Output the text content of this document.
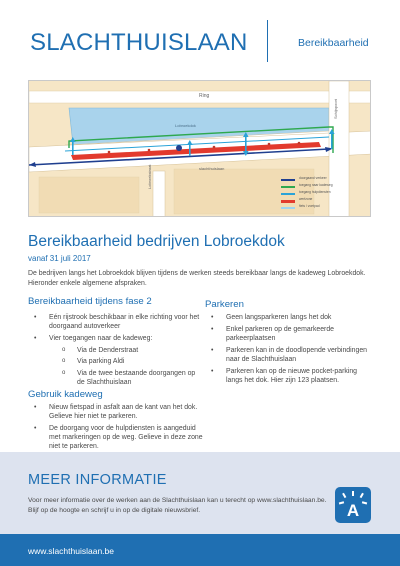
SLACHTHUISLAAN	Bereikbaarheid
Ring
Lobroekdok
slachthuislaan
Lobroekstraat
Schijnpoort
doorgaand verkeer
toegang naar kadeweg
toegang hulpdiensten
werfzone
fiets / voetpad
Bereikbaarheid bedrijven Lobroekdok
vanaf 31 juli 2017
De bedrijven langs het Lobroekdok blijven tijdens de werken steeds bereikbaar langs de kadeweg Lobroekdok. Hieronder enkele algemene afspraken.
Bereikbaarheid tijdens fase 2
• Eén rijstrook beschikbaar in elke richting voor het doorgaand autoverkeer
• Vier toegangen naar de kadeweg:
o Via de Denderstraat
o Via parking Aldi
o Via de twee bestaande doorgangen op de Slachthuislaan
Gebruik kadeweg
• Nieuw fietspad in asfalt aan de kant van het dok. Gelieve hier niet te parkeren.
• De doorgang voor de hulpdiensten is aangeduid met markeringen op de weg. Gelieve in deze zone niet te parkeren.
Parkeren
• Geen langsparkeren langs het dok
• Enkel parkeren op de gemarkeerde parkeerplaatsen
• Parkeren kan in de doodlopende verbindingen naar de Slachthuislaan
• Parkeren kan op de nieuwe pocket-parking langs het dok. Hier zijn 123 plaatsen.
MEER INFORMATIE
Voor meer informatie over de werken aan de Slachthuislaan kan u terecht op www.slachthuislaan.be. Blijf op de hoogte en schrijf u in op de digitale nieuwsbrief.	A
www.slachthuislaan.be
